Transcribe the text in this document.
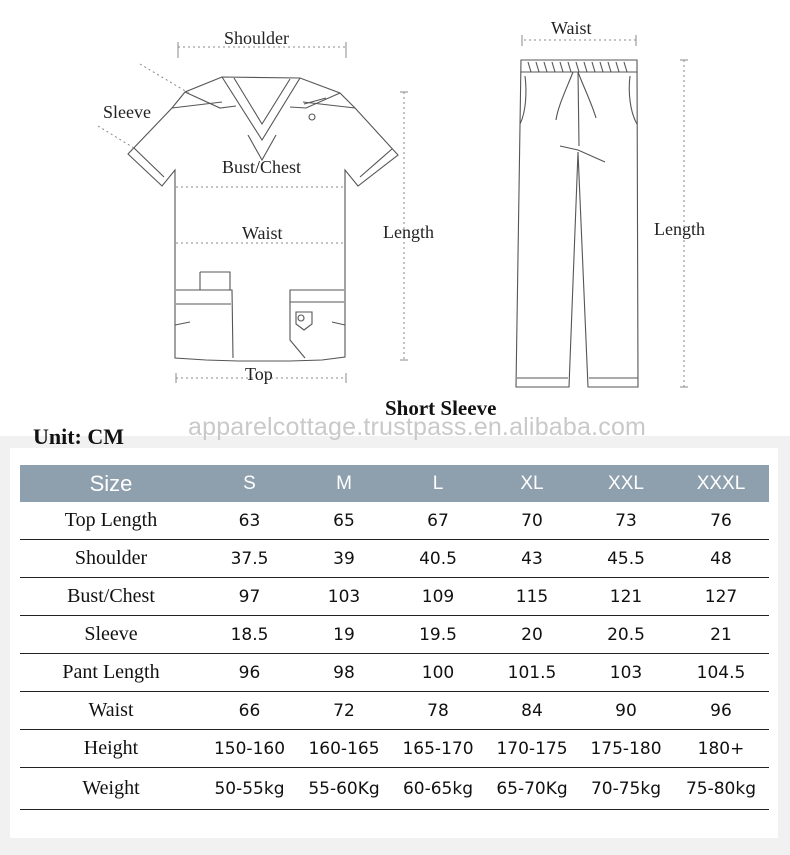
Shoulder
Sleeve
Bust/Chest
Waist	Length
Top
Waist
Length
apparelcottage.trustpass.en.alibaba.com
Short Sleeve
Unit: CM
Size	S	M	L	XL	XXL	XXXL
Top Length	63	65	67	70	73	76
Shoulder	37.5	39	40.5	43	45.5	48
Bust/Chest	97	103	109	115	121	127
Sleeve	18.5	19	19.5	20	20.5	21
Pant Length	96	98	100	101.5	103	104.5
Waist	66	72	78	84	90	96
Height	150-160	160-165	165-170	170-175	175-180	180+
Weight	50-55kg	55-60Kg	60-65kg	65-70Kg	70-75kg	75-80kg
